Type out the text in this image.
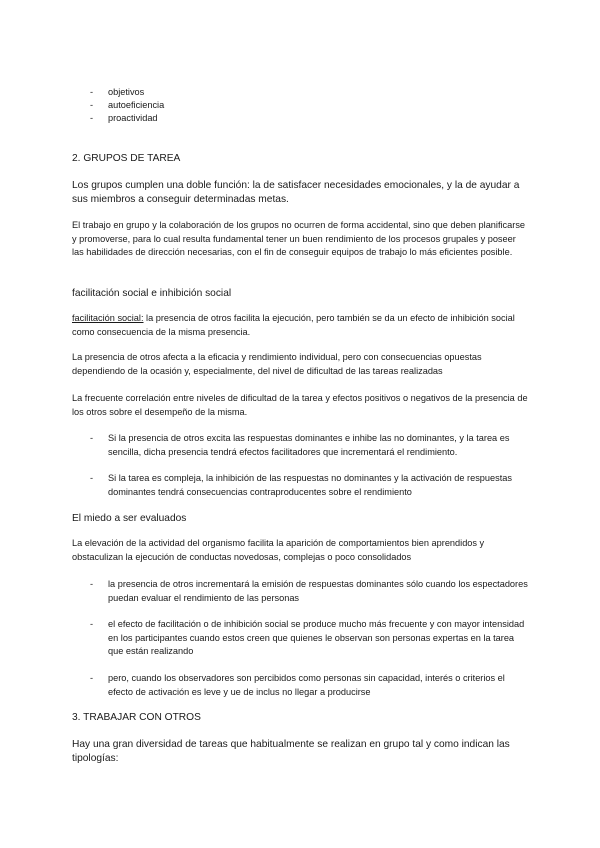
- objetivos
- autoeficiencia
- proactividad
2. GRUPOS DE TAREA
Los grupos cumplen una doble función: la de satisfacer necesidades emocionales, y la de ayudar a sus miembros a conseguir determinadas metas.
El trabajo en grupo y la colaboración de los grupos no ocurren de forma accidental, sino que deben planificarse y promoverse, para lo cual resulta fundamental tener un buen rendimiento de los procesos grupales y poseer las habilidades de dirección necesarias, con el fin de conseguir equipos de trabajo lo más eficientes posible.
facilitación social e inhibición social
facilitación social: la presencia de otros facilita la ejecución, pero también se da un efecto de inhibición social como consecuencia de la misma presencia.
La presencia de otros afecta a la eficacia y rendimiento individual, pero con consecuencias opuestas dependiendo de la ocasión y, especialmente, del nivel de dificultad de las tareas realizadas
La frecuente correlación entre niveles de dificultad de la tarea y efectos positivos o negativos de la presencia de los otros sobre el desempeño de la misma.
- Si la presencia de otros excita las respuestas dominantes e inhibe las no dominantes, y la tarea es sencilla, dicha presencia tendrá efectos facilitadores que incrementará el rendimiento.
- Si la tarea es compleja, la inhibición de las respuestas no dominantes y la activación de respuestas dominantes tendrá consecuencias contraproducentes sobre el rendimiento
El miedo a ser evaluados
La elevación de la actividad del organismo facilita la aparición de comportamientos bien aprendidos y obstaculizan la ejecución de conductas novedosas, complejas o poco consolidados
- la presencia de otros incrementará la emisión de respuestas dominantes sólo cuando los espectadores puedan evaluar el rendimiento de las personas
- el efecto de facilitación o de inhibición social se produce mucho más frecuente y con mayor intensidad en los participantes cuando estos creen que quienes le observan son personas expertas en la tarea que están realizando
- pero, cuando los observadores son percibidos como personas sin capacidad, interés o criterios el efecto de activación es leve y ue de inclus no llegar a producirse
3. TRABAJAR CON OTROS
Hay una gran diversidad de tareas que habitualmente se realizan en grupo tal y como indican las tipologías:
